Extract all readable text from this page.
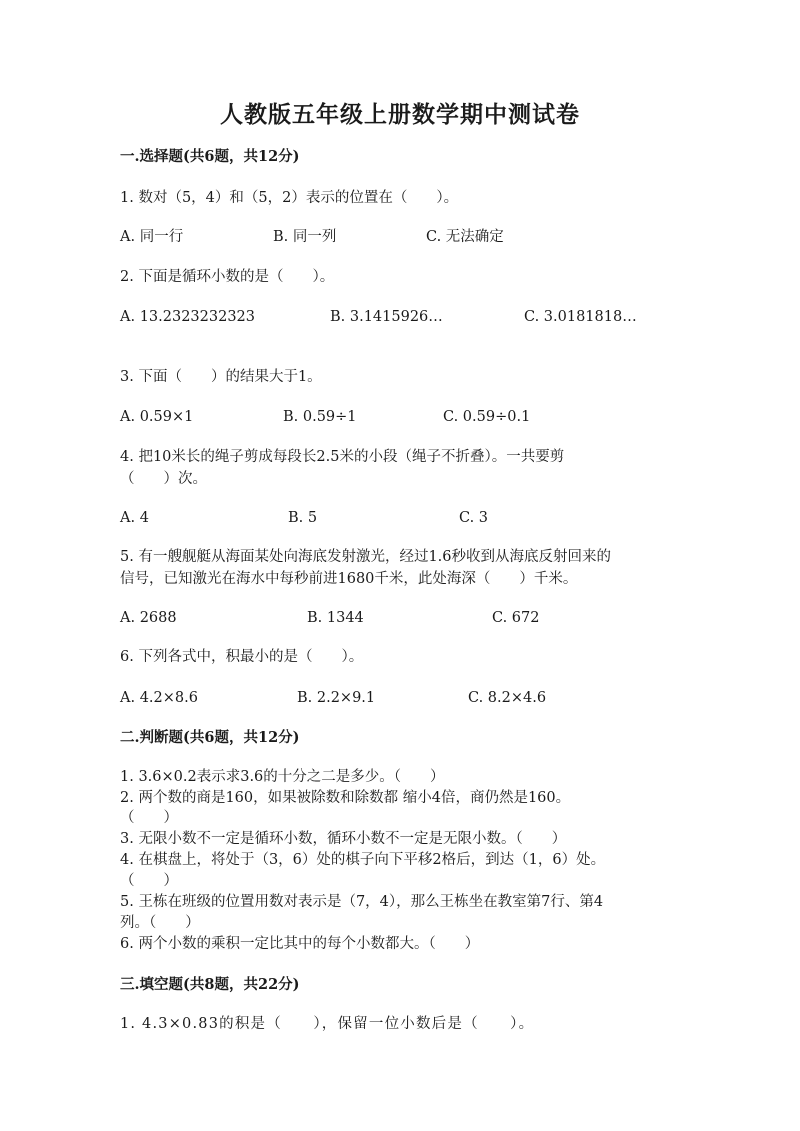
人教版五年级上册数学期中测试卷
一.选择题(共6题，共12分)
1. 数对（5，4）和（5，2）表示的位置在（　　）。
A. 同一行	B. 同一列	C. 无法确定
2. 下面是循环小数的是（　　）。
A. 13.2323232323	B. 3.1415926…	C. 3.0181818…
3. 下面（　　）的结果大于1。
A. 0.59×1	B. 0.59÷1	C. 0.59÷0.1
4. 把10米长的绳子剪成每段长2.5米的小段（绳子不折叠）。一共要剪
（　　）次。
A. 4	B. 5	C. 3
5. 有一艘舰艇从海面某处向海底发射激光，经过1.6秒收到从海底反射回来的
信号，已知激光在海水中每秒前进1680千米，此处海深（　　）千米。
A. 2688	B. 1344	C. 672
6. 下列各式中，积最小的是（　　）。
A. 4.2×8.6	B. 2.2×9.1	C. 8.2×4.6
二.判断题(共6题，共12分)
1. 3.6×0.2表示求3.6的十分之二是多少。（　　）
2. 两个数的商是160，如果被除数和除数都 缩小4倍，商仍然是160。
（　　）
3. 无限小数不一定是循环小数，循环小数不一定是无限小数。（　　）
4. 在棋盘上，将处于（3，6）处的棋子向下平移2格后，到达（1，6）处。
（　　）
5. 王栋在班级的位置用数对表示是（7，4），那么王栋坐在教室第7行、第4
列。（　　）
6. 两个小数的乘积一定比其中的每个小数都大。（　　）
三.填空题(共8题，共22分)
1. 4.3×0.83的积是（　　），保留一位小数后是（　　）。
